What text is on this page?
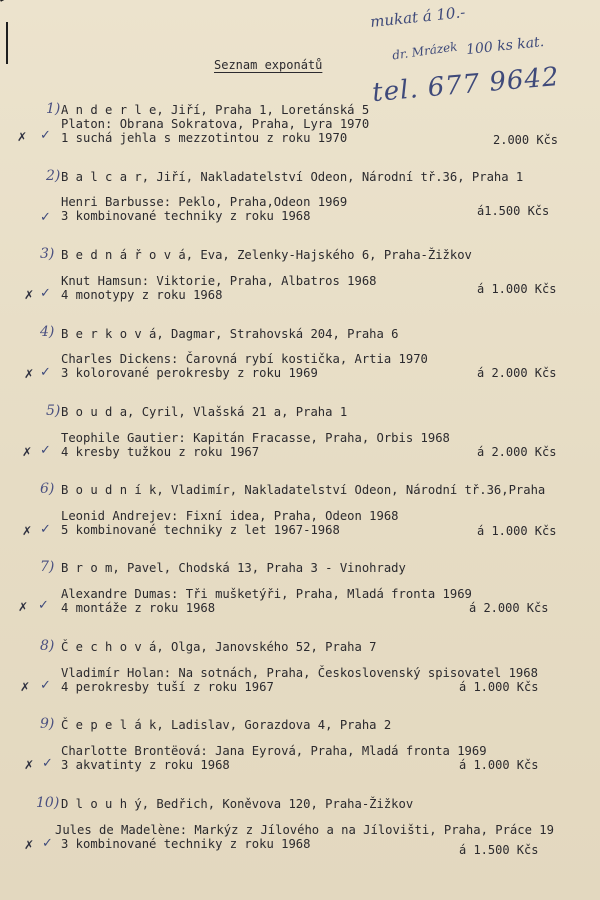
mukat á 10.-
dr. Mrázek 100 ks kat.
tel. 677 9642
Seznam exponátů
1)
✗ ✓
A n d e r l e, Jiří, Praha 1, Loretánská 5
Platon: Obrana Sokratova, Praha, Lyra 1970
1 suchá jehla s mezzotintou z roku 1970	2.000 Kčs
2)
✓
B a l c a r, Jiří, Nakladatelství Odeon, Národní tř.36, Praha 1
Henri Barbusse: Peklo, Praha,Odeon 1969
3 kombinované techniky z roku 1968	á1.500 Kčs
3)
✗ ✓
B e d n á ř o v á, Eva, Zelenky-Hajského 6, Praha-Žižkov
Knut Hamsun: Viktorie, Praha, Albatros 1968
4 monotypy z roku 1968	á 1.000 Kčs
4)
✗ ✓
B e r k o v á, Dagmar, Strahovská 204, Praha 6
Charles Dickens: Čarovná rybí kostička, Artia 1970
3 kolorované perokresby z roku 1969	á 2.000 Kčs
5)
✗ ✓
B o u d a, Cyril, Vlašská 21 a, Praha 1
Teophile Gautier: Kapitán Fracasse, Praha, Orbis 1968
4 kresby tužkou z roku 1967	á 2.000 Kčs
6)
✗ ✓
B o u d n í k, Vladimír, Nakladatelství Odeon, Národní tř.36,Praha
Leonid Andrejev: Fixní idea, Praha, Odeon 1968
5 kombinované techniky z let 1967-1968	á 1.000 Kčs
7)
✗ ✓
B r o m, Pavel, Chodská 13, Praha 3 - Vinohrady
Alexandre Dumas: Tři mušketýři, Praha, Mladá fronta 1969
4 montáže z roku 1968	á 2.000 Kčs
8)
✗ ✓
Č e c h o v á, Olga, Janovského 52, Praha 7
Vladimír Holan: Na sotnách, Praha, Československý spisovatel 1968
4 perokresby tuší z roku 1967	á 1.000 Kčs
9)
✗ ✓
Č e p e l á k, Ladislav, Gorazdova 4, Praha 2
Charlotte Brontëová: Jana Eyrová, Praha, Mladá fronta 1969
3 akvatinty z roku 1968	á 1.000 Kčs
10)
✗ ✓
D l o u h ý, Bedřich, Koněvova 120, Praha-Žižkov
Jules de Madelène: Markýz z Jílového a na Jílovišti, Praha, Práce 19
3 kombinované techniky z roku 1968	á 1.500 Kčs
